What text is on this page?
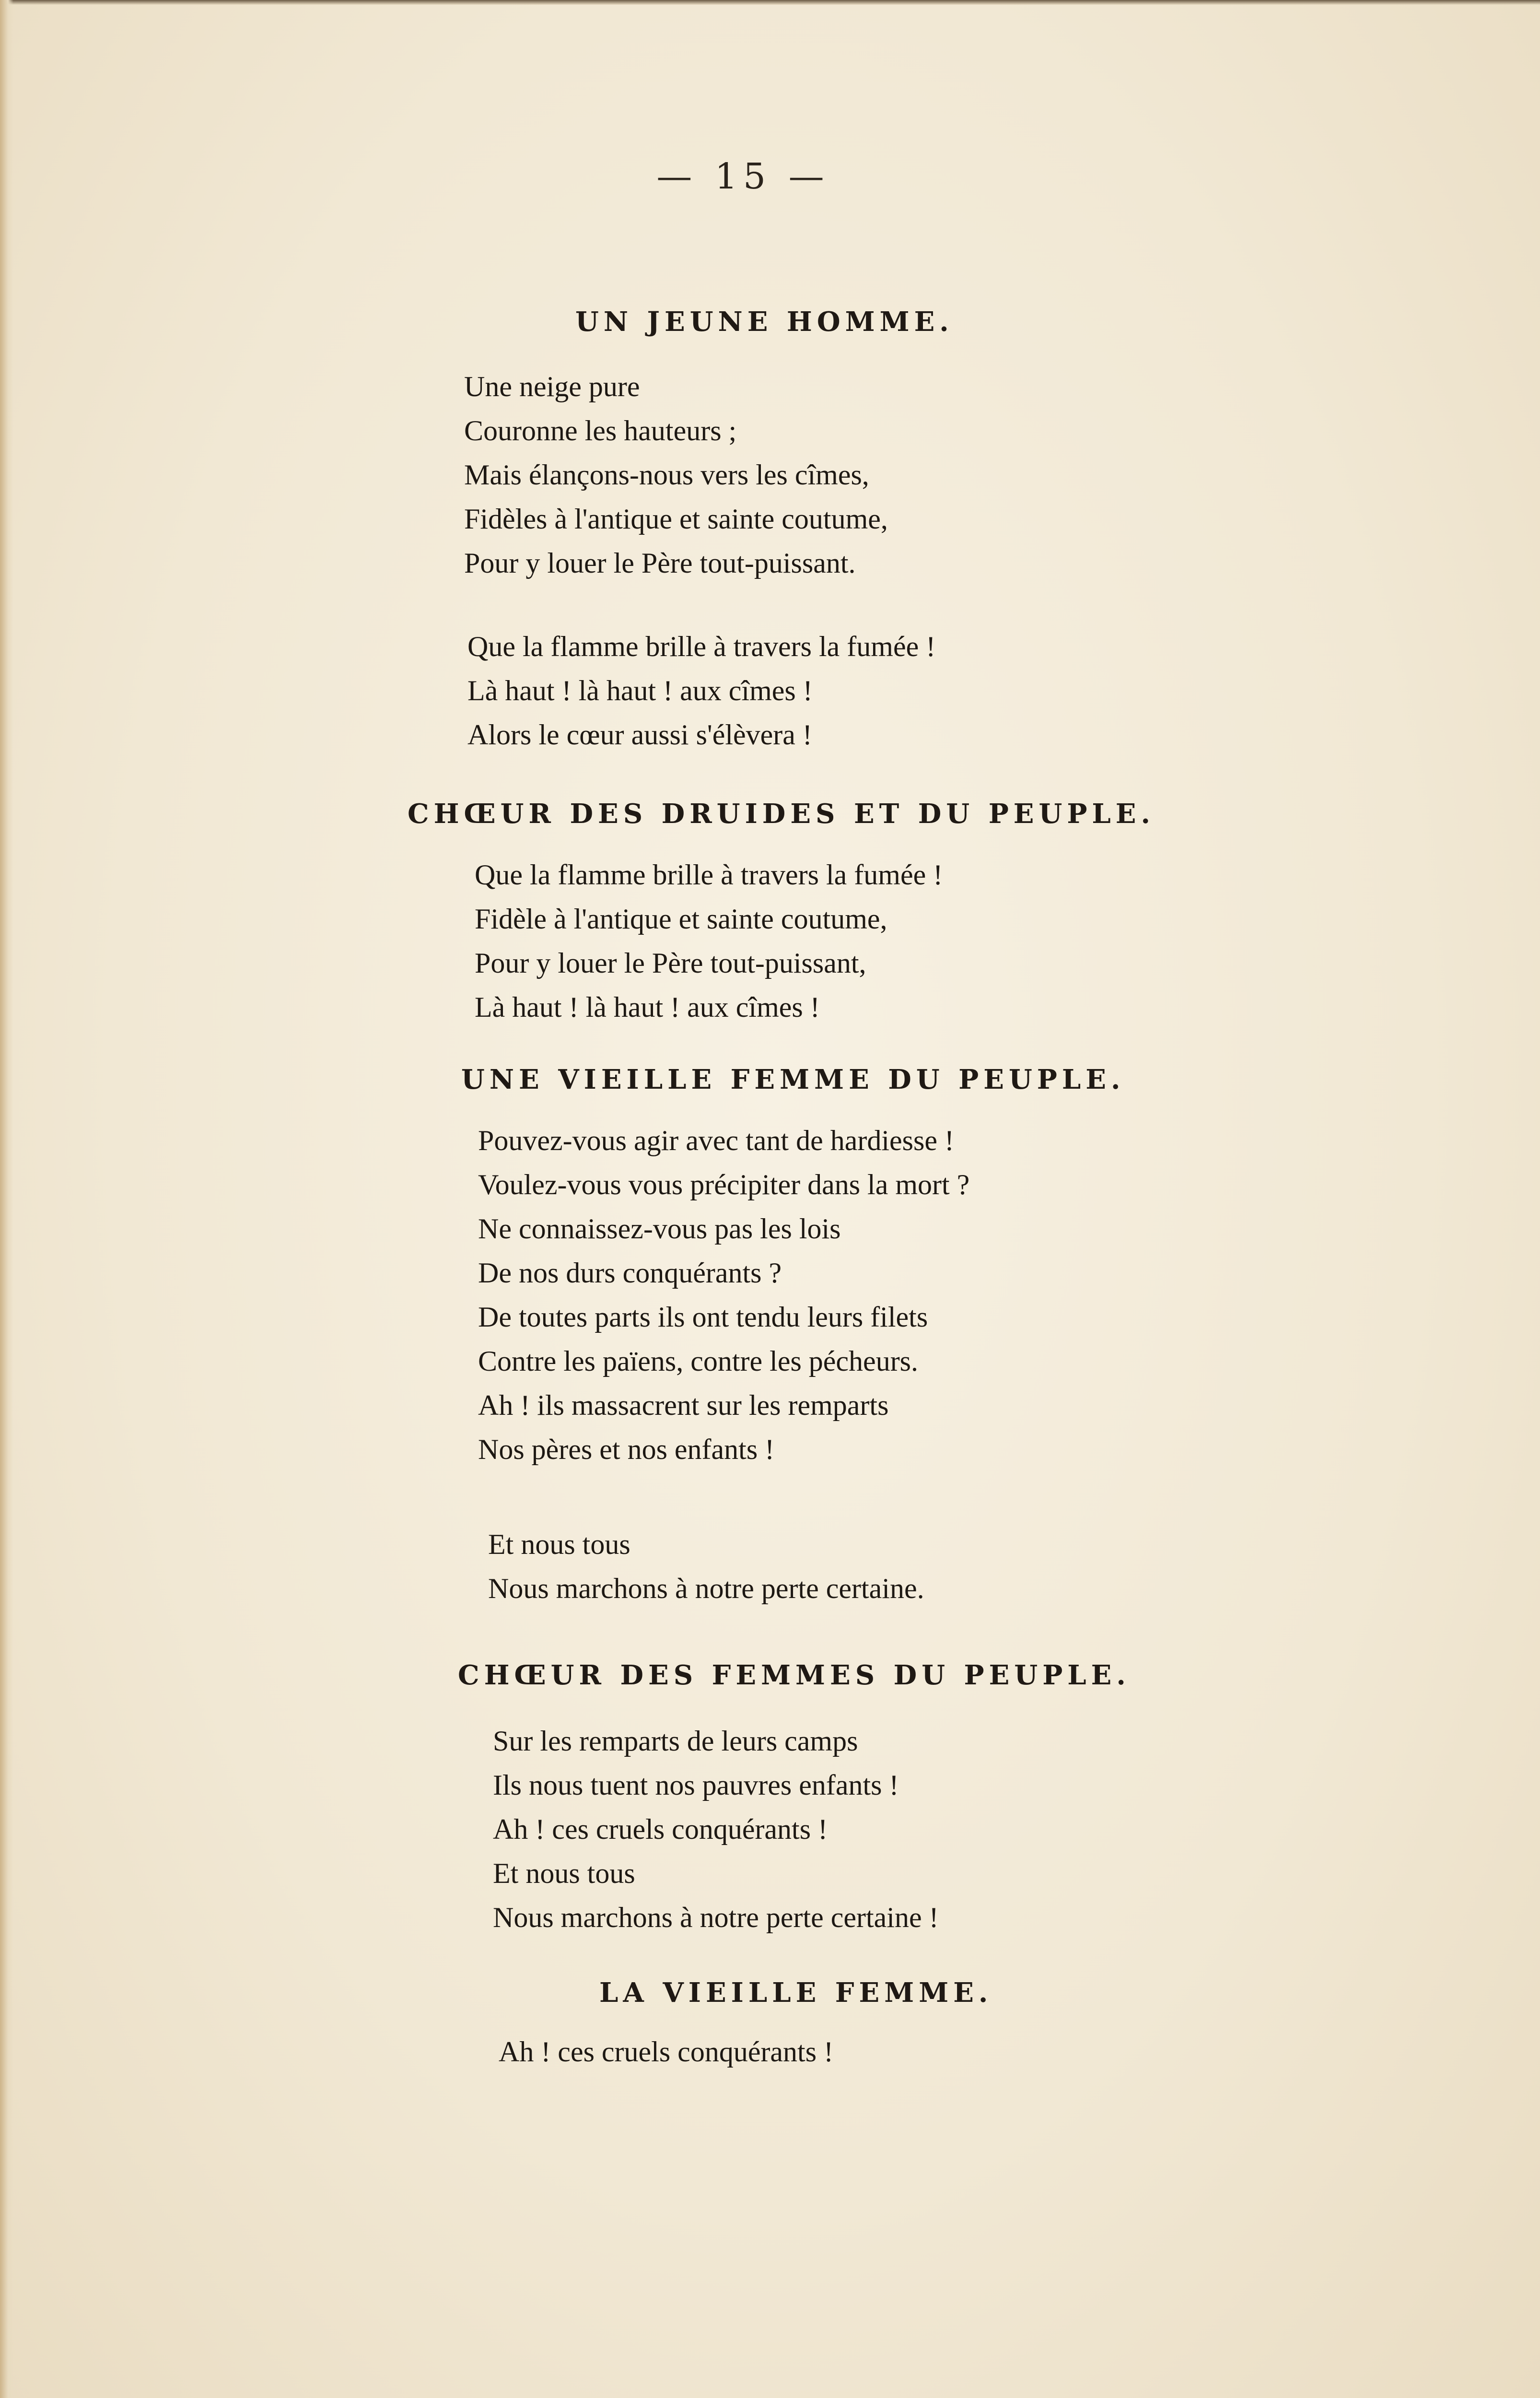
— 15 —
UN JEUNE HOMME.
Une neige pure
Couronne les hauteurs ;
Mais élançons-nous vers les cîmes,
Fidèles à l'antique et sainte coutume,
Pour y louer le Père tout-puissant.
Que la flamme brille à travers la fumée !
Là haut ! là haut ! aux cîmes !
Alors le cœur aussi s'élèvera !
CHŒUR DES DRUIDES ET DU PEUPLE.
Que la flamme brille à travers la fumée !
Fidèle à l'antique et sainte coutume,
Pour y louer le Père tout-puissant,
Là haut ! là haut ! aux cîmes !
UNE VIEILLE FEMME DU PEUPLE.
Pouvez-vous agir avec tant de hardiesse !
Voulez-vous vous précipiter dans la mort ?
Ne connaissez-vous pas les lois
De nos durs conquérants ?
De toutes parts ils ont tendu leurs filets
Contre les païens, contre les pécheurs.
Ah ! ils massacrent sur les remparts
Nos pères et nos enfants !
Et nous tous
Nous marchons à notre perte certaine.
CHŒUR DES FEMMES DU PEUPLE.
Sur les remparts de leurs camps
Ils nous tuent nos pauvres enfants !
Ah ! ces cruels conquérants !
Et nous tous
Nous marchons à notre perte certaine !
LA VIEILLE FEMME.
Ah ! ces cruels conquérants !
